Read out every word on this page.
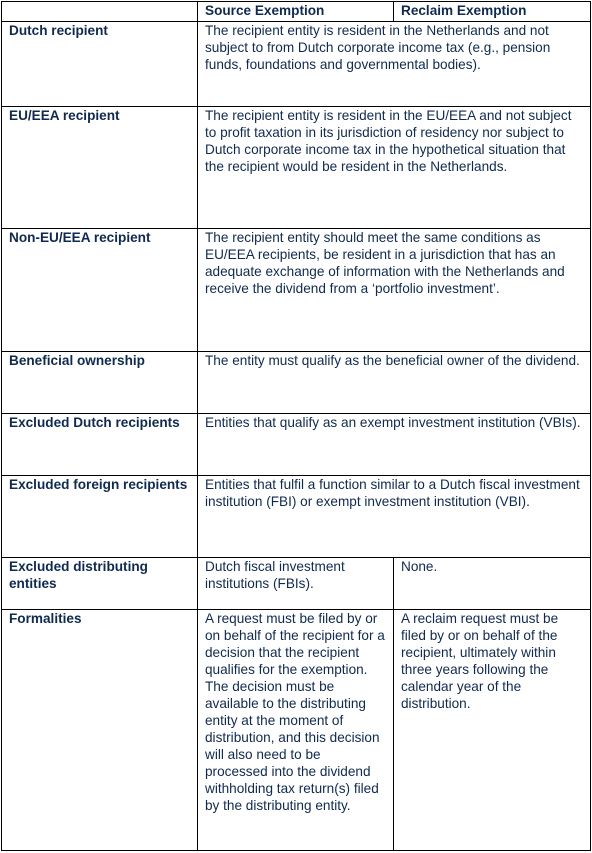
	Source Exemption	Reclaim Exemption
Dutch recipient	The recipient entity is resident in the Netherlands and not subject to from Dutch corporate income tax (e.g., pension funds, foundations and governmental bodies).	
EU/EEA recipient	The recipient entity is resident in the EU/EEA and not subject to profit taxation in its jurisdiction of residency nor subject to Dutch corporate income tax in the hypothetical situation that the recipient would be resident in the Netherlands.	
Non-EU/EEA recipient	The recipient entity should meet the same conditions as EU/EEA recipients, be resident in a jurisdiction that has an adequate exchange of information with the Netherlands and receive the dividend from a ‘portfolio investment’.	
Beneficial ownership	The entity must qualify as the beneficial owner of the dividend.	
Excluded Dutch recipients	Entities that qualify as an exempt investment institution (VBIs).	
Excluded foreign recipients	Entities that fulfil a function similar to a Dutch fiscal investment institution (FBI) or exempt investment institution (VBI).	
Excluded distributing entities	Dutch fiscal investment institutions (FBIs).	None.
Formalities	A request must be filed by or on behalf of the recipient for a decision that the recipient qualifies for the exemption. The decision must be available to the distributing entity at the moment of distribution, and this decision will also need to be processed into the dividend withholding tax return(s) filed by the distributing entity.	A reclaim request must be filed by or on behalf of the recipient, ultimately within three years following the calendar year of the distribution.
